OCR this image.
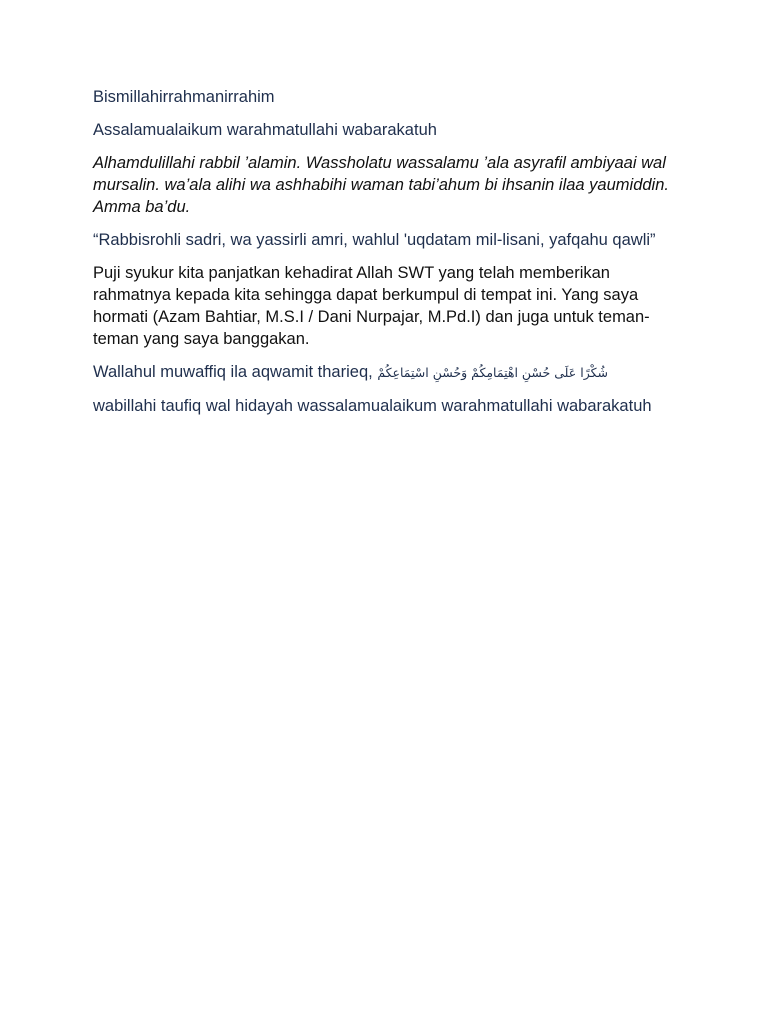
Bismillahirrahmanirrahim

Assalamualaikum warahmatullahi wabarakatuh

Alhamdulillahi rabbil ’alamin. Wassholatu wassalamu ’ala asyrafil ambiyaai wal mursalin. wa’ala alihi wa ashhabihi waman tabi’ahum bi ihsanin ilaa yaumiddin. Amma ba’du.

“Rabbisrohli sadri, wa yassirli amri, wahlul 'uqdatam mil-lisani, yafqahu qawli”

Puji syukur kita panjatkan kehadirat Allah SWT yang telah memberikan rahmatnya kepada kita sehingga dapat berkumpul di tempat ini. Yang saya hormati (Azam Bahtiar, M.S.I / Dani Nurpajar, M.Pd.I) dan juga untuk teman-teman yang saya banggakan.

Wallahul muwaffiq ila aqwamit tharieq, شُكْرًا عَلَى حُسْنِ اهْتِمَامِكُمْ وَحُسْنِ اسْتِمَاعِكُمْ

wabillahi taufiq wal hidayah wassalamualaikum warahmatullahi wabarakatuh
